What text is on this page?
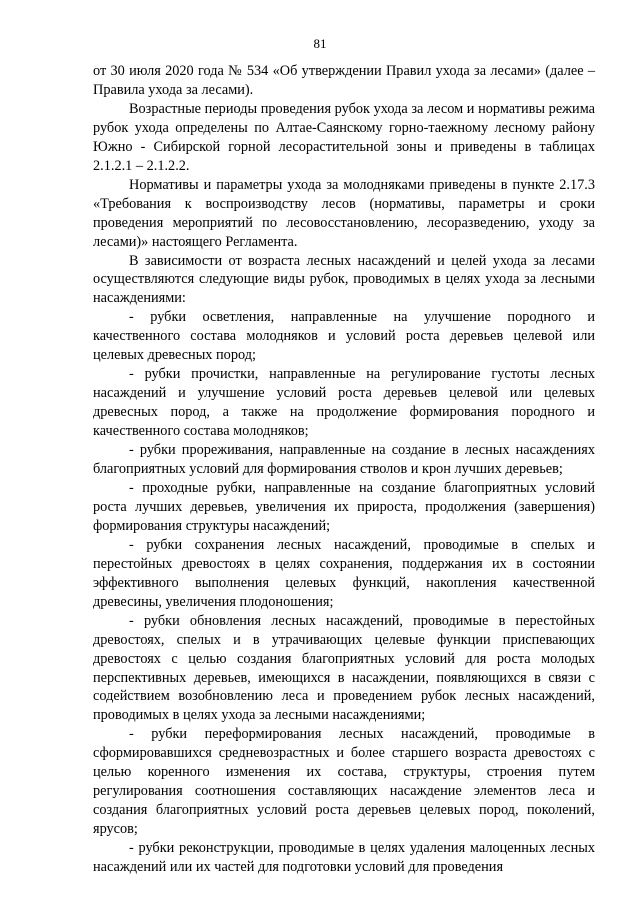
81

от 30 июля 2020 года № 534 «Об утверждении Правил ухода за лесами» (далее – Правила ухода за лесами).

Возрастные периоды проведения рубок ухода за лесом и нормативы режима рубок ухода определены по Алтае-Саянскому горно-таежному лесному району Южно - Сибирской горной лесорастительной зоны и приведены в таблицах 2.1.2.1 – 2.1.2.2.

Нормативы и параметры ухода за молодняками приведены в пункте 2.17.3 «Требования к воспроизводству лесов (нормативы, параметры и сроки проведения мероприятий по лесовосстановлению, лесоразведению, уходу за лесами)» настоящего Регламента.

В зависимости от возраста лесных насаждений и целей ухода за лесами осуществляются следующие виды рубок, проводимых в целях ухода за лесными насаждениями:

- рубки осветления, направленные на улучшение породного и качественного состава молодняков и условий роста деревьев целевой или целевых древесных пород;

- рубки прочистки, направленные на регулирование густоты лесных насаждений и улучшение условий роста деревьев целевой или целевых древесных пород, а также на продолжение формирования породного и качественного состава молодняков;

- рубки прореживания, направленные на создание в лесных насаждениях благоприятных условий для формирования стволов и крон лучших деревьев;

- проходные рубки, направленные на создание благоприятных условий роста лучших деревьев, увеличения их прироста, продолжения (завершения) формирования структуры насаждений;

- рубки сохранения лесных насаждений, проводимые в спелых и перестойных древостоях в целях сохранения, поддержания их в состоянии эффективного выполнения целевых функций, накопления качественной древесины, увеличения плодоношения;

- рубки обновления лесных насаждений, проводимые в перестойных древостоях, спелых и в утрачивающих целевые функции приспевающих древостоях с целью создания благоприятных условий для роста молодых перспективных деревьев, имеющихся в насаждении, появляющихся в связи с содействием возобновлению леса и проведением рубок лесных насаждений, проводимых в целях ухода за лесными насаждениями;

- рубки переформирования лесных насаждений, проводимые в сформировавшихся средневозрастных и более старшего возраста древостоях с целью коренного изменения их состава, структуры, строения путем регулирования соотношения составляющих насаждение элементов леса и создания благоприятных условий роста деревьев целевых пород, поколений, ярусов;

- рубки реконструкции, проводимые в целях удаления малоценных лесных насаждений или их частей для подготовки условий для проведения
